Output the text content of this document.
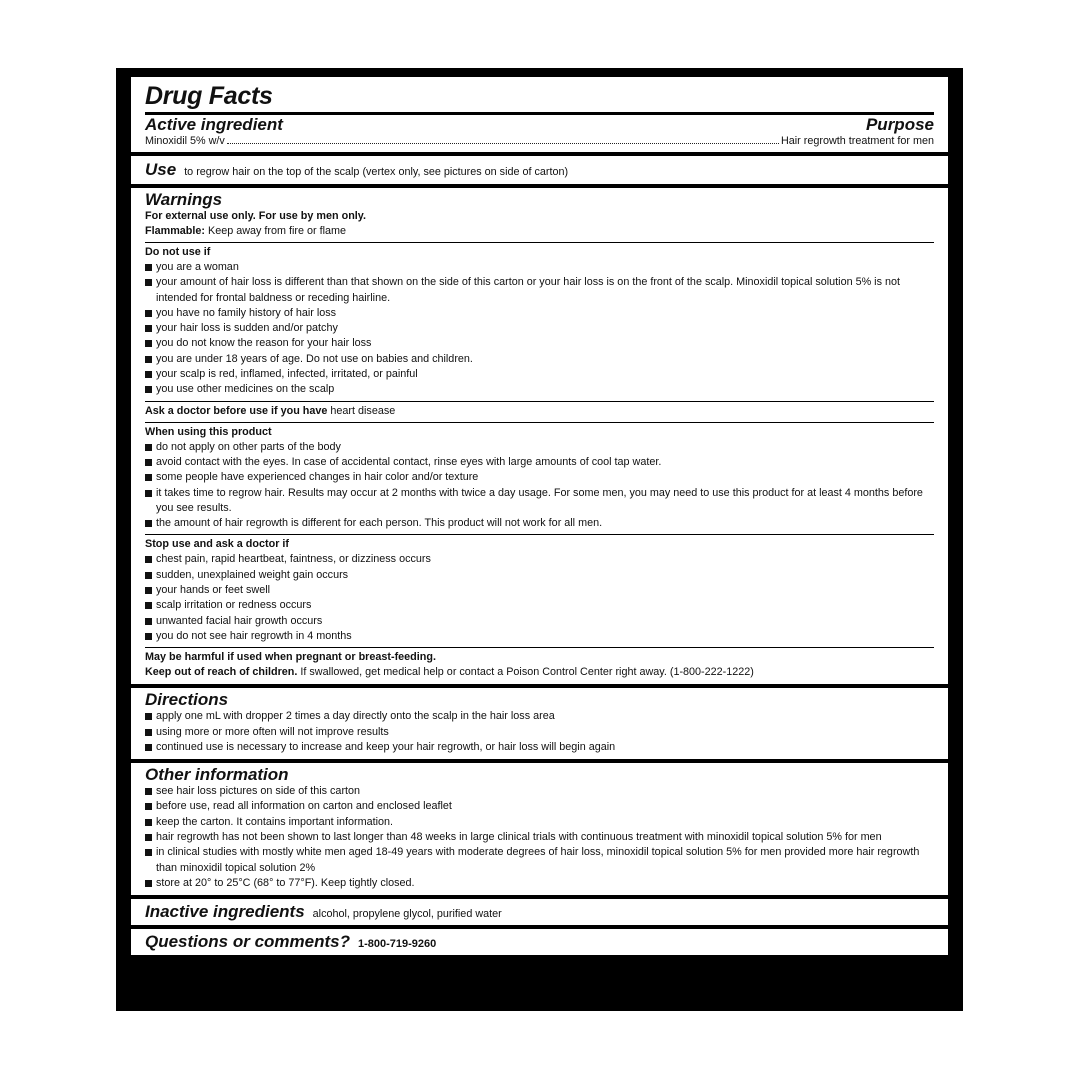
Drug Facts
Active ingredient	Purpose
Minoxidil 5% w/v	Hair regrowth treatment for men
Use to regrow hair on the top of the scalp (vertex only, see pictures on side of carton)
Warnings
For external use only. For use by men only.
Flammable: Keep away from fire or flame
Do not use if
you are a woman
your amount of hair loss is different than that shown on the side of this carton or your hair loss is on the front of the scalp. Minoxidil topical solution 5% is not intended for frontal baldness or receding hairline.
you have no family history of hair loss
your hair loss is sudden and/or patchy
you do not know the reason for your hair loss
you are under 18 years of age. Do not use on babies and children.
your scalp is red, inflamed, infected, irritated, or painful
you use other medicines on the scalp
Ask a doctor before use if you have heart disease
When using this product
do not apply on other parts of the body
avoid contact with the eyes. In case of accidental contact, rinse eyes with large amounts of cool tap water.
some people have experienced changes in hair color and/or texture
it takes time to regrow hair. Results may occur at 2 months with twice a day usage. For some men, you may need to use this product for at least 4 months before you see results.
the amount of hair regrowth is different for each person. This product will not work for all men.
Stop use and ask a doctor if
chest pain, rapid heartbeat, faintness, or dizziness occurs
sudden, unexplained weight gain occurs
your hands or feet swell
scalp irritation or redness occurs
unwanted facial hair growth occurs
you do not see hair regrowth in 4 months
May be harmful if used when pregnant or breast-feeding.
Keep out of reach of children. If swallowed, get medical help or contact a Poison Control Center right away. (1-800-222-1222)
Directions
apply one mL with dropper 2 times a day directly onto the scalp in the hair loss area
using more or more often will not improve results
continued use is necessary to increase and keep your hair regrowth, or hair loss will begin again
Other information
see hair loss pictures on side of this carton
before use, read all information on carton and enclosed leaflet
keep the carton. It contains important information.
hair regrowth has not been shown to last longer than 48 weeks in large clinical trials with continuous treatment with minoxidil topical solution 5% for men
in clinical studies with mostly white men aged 18-49 years with moderate degrees of hair loss, minoxidil topical solution 5% for men provided more hair regrowth than minoxidil topical solution 2%
store at 20° to 25°C (68° to 77°F). Keep tightly closed.
Inactive ingredients alcohol, propylene glycol, purified water
Questions or comments? 1-800-719-9260
